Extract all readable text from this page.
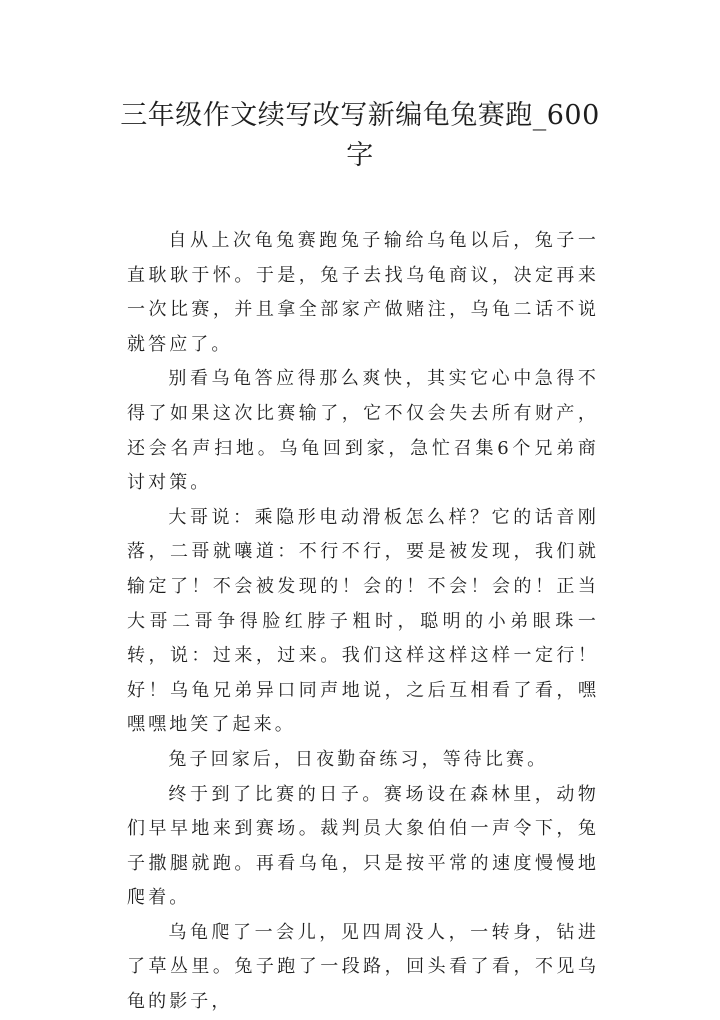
三年级作文续写改写新编龟兔赛跑_600字

自从上次龟兔赛跑兔子输给乌龟以后，兔子一直耿耿于怀。于是，兔子去找乌龟商议，决定再来一次比赛，并且拿全部家产做赌注，乌龟二话不说就答应了。

别看乌龟答应得那么爽快，其实它心中急得不得了如果这次比赛输了，它不仅会失去所有财产，还会名声扫地。乌龟回到家，急忙召集6个兄弟商讨对策。

大哥说：乘隐形电动滑板怎么样？它的话音刚落，二哥就嚷道：不行不行，要是被发现，我们就输定了！不会被发现的！会的！不会！会的！正当大哥二哥争得脸红脖子粗时，聪明的小弟眼珠一转，说：过来，过来。我们这样这样这样一定行！好！乌龟兄弟异口同声地说，之后互相看了看，嘿嘿嘿地笑了起来。

兔子回家后，日夜勤奋练习，等待比赛。

终于到了比赛的日子。赛场设在森林里，动物们早早地来到赛场。裁判员大象伯伯一声令下，兔子撒腿就跑。再看乌龟，只是按平常的速度慢慢地爬着。

乌龟爬了一会儿，见四周没人，一转身，钻进了草丛里。兔子跑了一段路，回头看了看，不见乌龟的影子，
